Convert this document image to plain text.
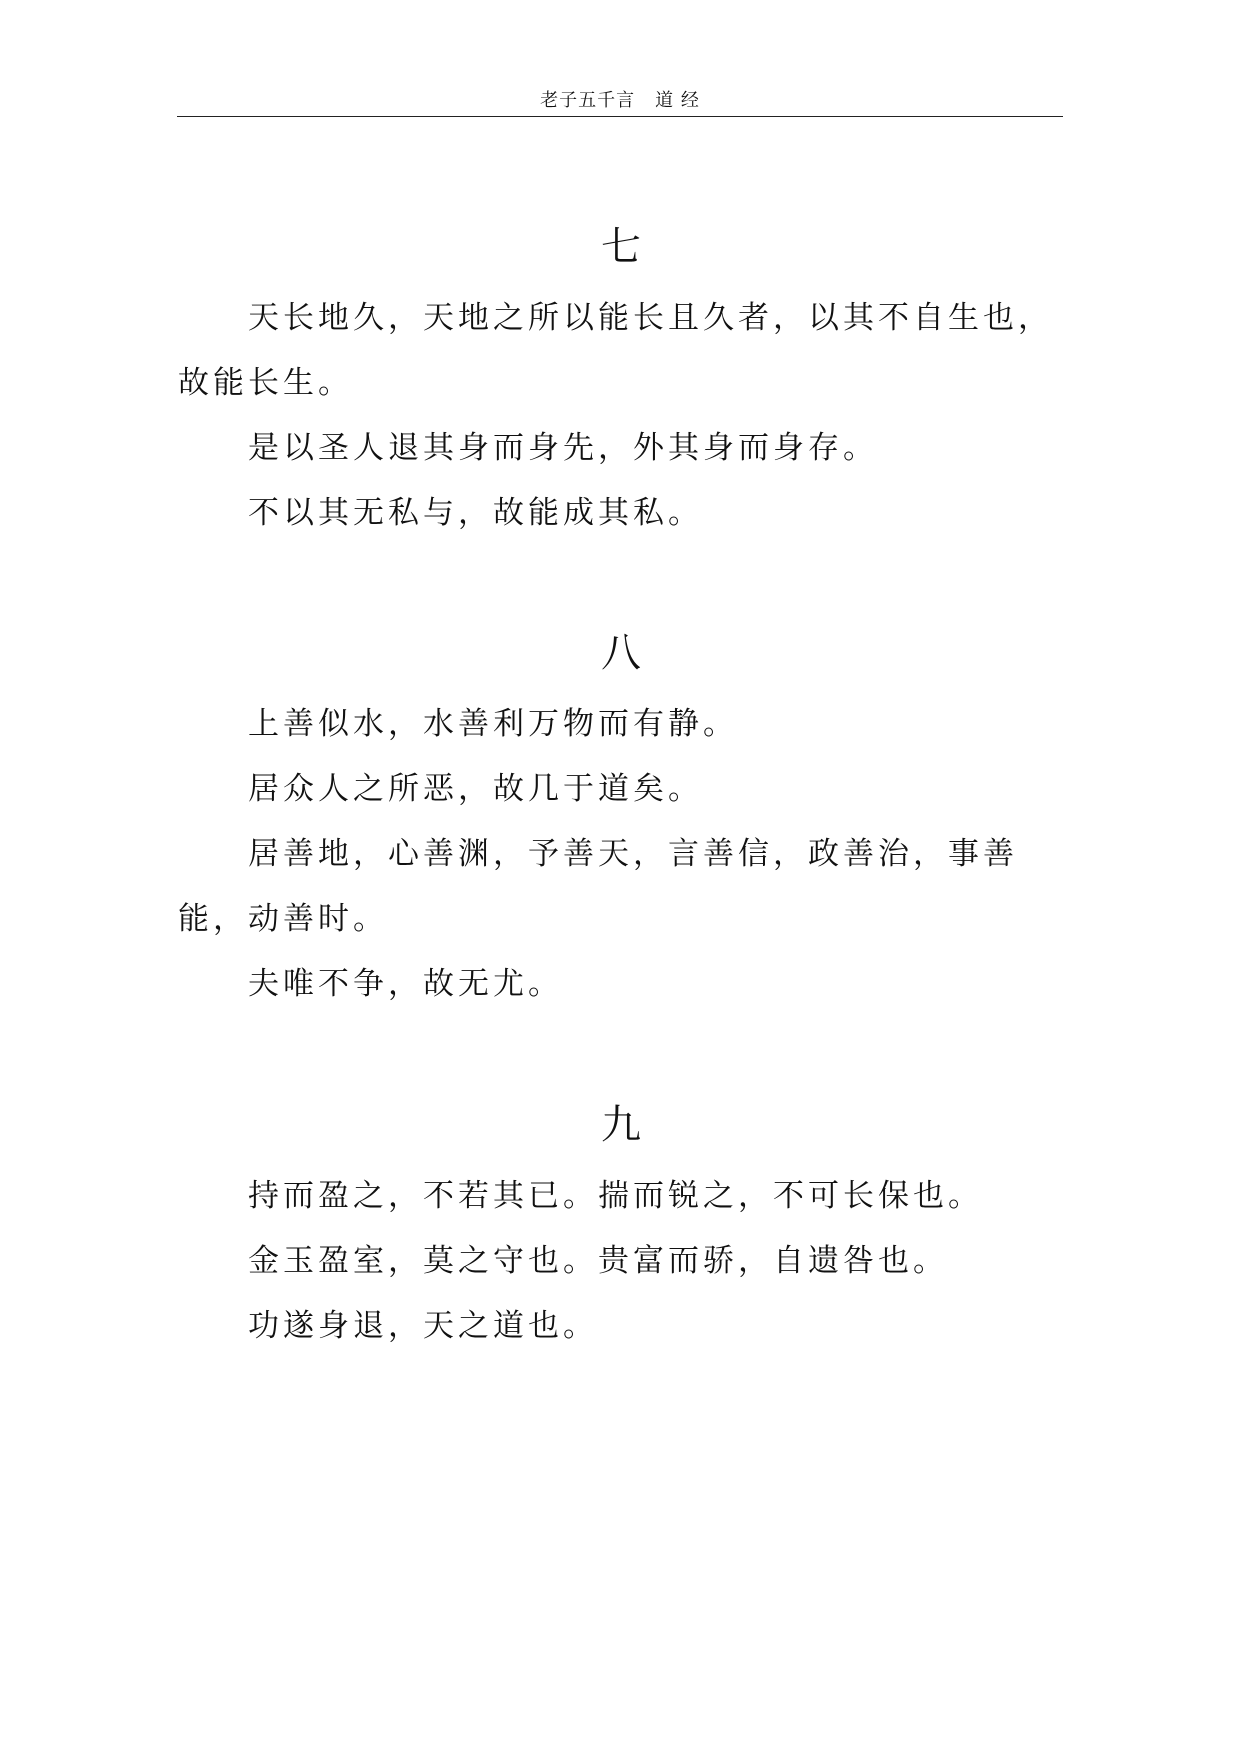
老子五千言 道 经
七

天长地久，天地之所以能长且久者，以其不自生也，故能长生。

是以圣人退其身而身先，外其身而身存。

不以其无私与，故能成其私。

八

上善似水，水善利万物而有静。

居众人之所恶，故几于道矣。

居善地，心善渊，予善天，言善信，政善治，事善能，动善时。

夫唯不争，故无尤。

九

持而盈之，不若其已。揣而锐之，不可长保也。

金玉盈室，莫之守也。贵富而骄，自遗咎也。

功遂身退，天之道也。
